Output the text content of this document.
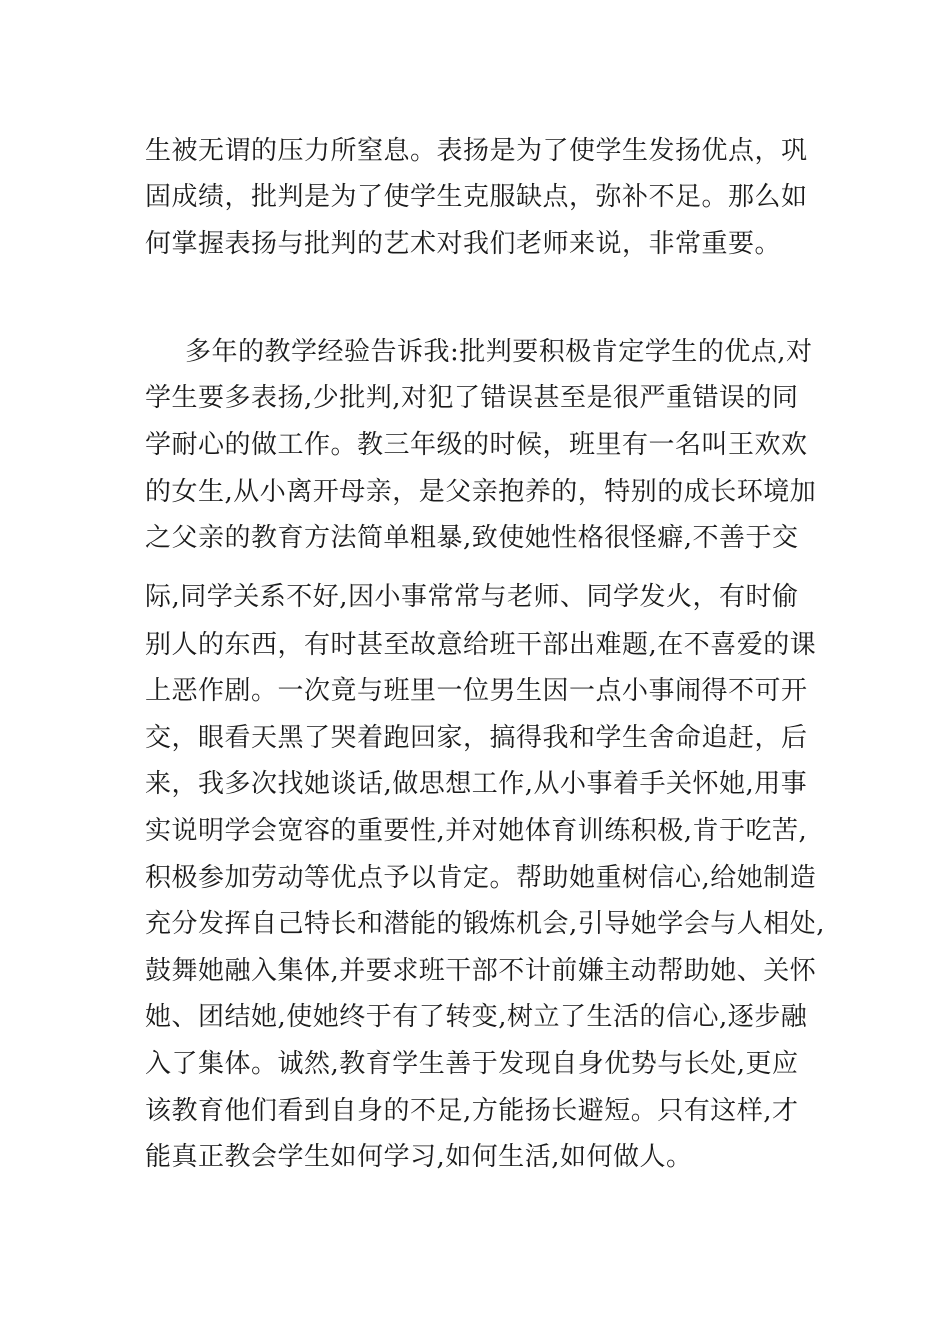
生被无谓的压力所窒息。表扬是为了使学生发扬优点，巩

固成绩，批判是为了使学生克服缺点，弥补不足。那么如

何掌握表扬与批判的艺术对我们老师来说，非常重要。

多年的教学经验告诉我:批判要积极肯定学生的优点,对

学生要多表扬,少批判,对犯了错误甚至是很严重错误的同

学耐心的做工作。教三年级的时候，班里有一名叫王欢欢

的女生,从小离开母亲，是父亲抱养的，特别的成长环境加

之父亲的教育方法简单粗暴,致使她性格很怪癖,不善于交

际,同学关系不好,因小事常常与老师、同学发火，有时偷

别人的东西，有时甚至故意给班干部出难题,在不喜爱的课

上恶作剧。一次竟与班里一位男生因一点小事闹得不可开

交，眼看天黑了哭着跑回家，搞得我和学生舍命追赶，后

来，我多次找她谈话,做思想工作,从小事着手关怀她,用事

实说明学会宽容的重要性,并对她体育训练积极,肯于吃苦,

积极参加劳动等优点予以肯定。帮助她重树信心,给她制造

充分发挥自己特长和潜能的锻炼机会,引导她学会与人相处,

鼓舞她融入集体,并要求班干部不计前嫌主动帮助她、关怀

她、团结她,使她终于有了转变,树立了生活的信心,逐步融

入了集体。诚然,教育学生善于发现自身优势与长处,更应

该教育他们看到自身的不足,方能扬长避短。只有这样,才

能真正教会学生如何学习,如何生活,如何做人。
